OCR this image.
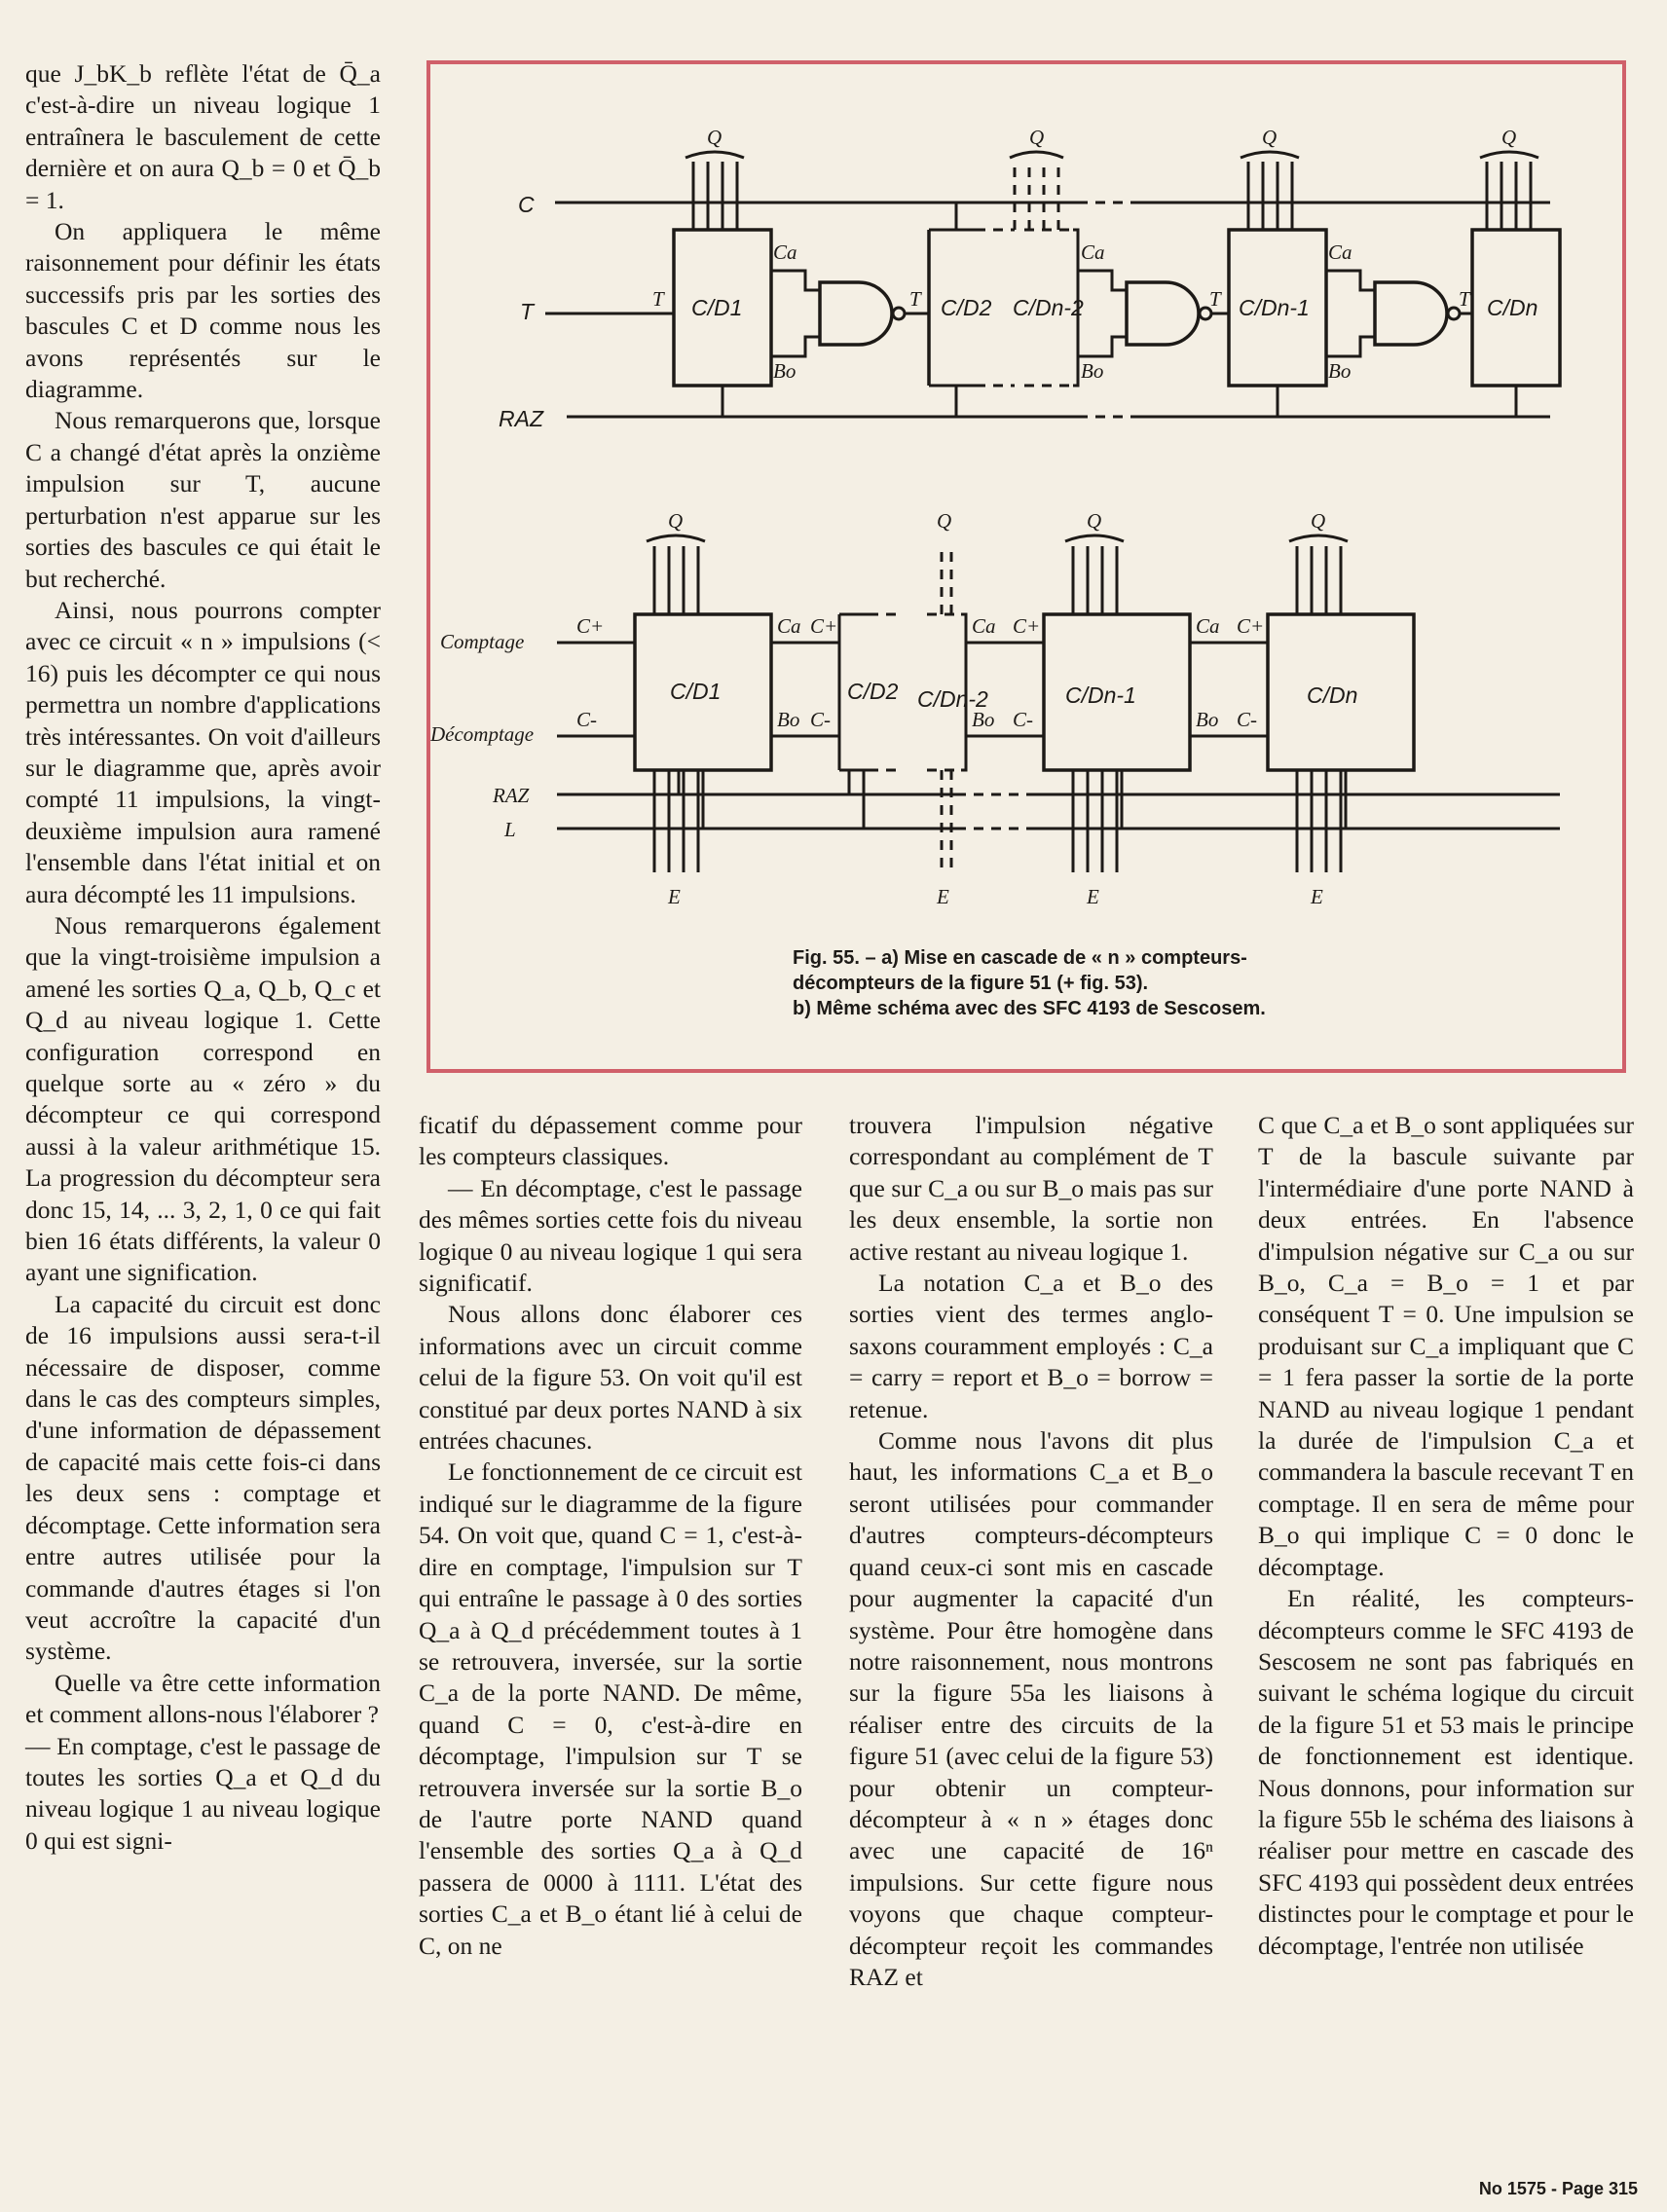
que J_bK_b reflète l'état de Q̄_a c'est-à-dire un niveau logique 1 entraînera le basculement de cette dernière et on aura Q_b = 0 et Q̄_b = 1.

On appliquera le même raisonnement pour définir les états successifs pris par les sorties des bascules C et D comme nous les avons représentés sur le diagramme.

Nous remarquerons que, lorsque C a changé d'état après la onzième impulsion sur T, aucune perturbation n'est apparue sur les sorties des bascules ce qui était le but recherché.

Ainsi, nous pourrons compter avec ce circuit « n » impulsions (< 16) puis les décompter ce qui nous permettra un nombre d'applications très intéressantes. On voit d'ailleurs sur le diagramme que, après avoir compté 11 impulsions, la vingt-deuxième impulsion aura ramené l'ensemble dans l'état initial et on aura décompté les 11 impulsions.

Nous remarquerons également que la vingt-troisième impulsion a amené les sorties Q_a, Q_b, Q_c et Q_d au niveau logique 1. Cette configuration correspond en quelque sorte au « zéro » du décompteur ce qui correspond aussi à la valeur arithmétique 15. La progression du décompteur sera donc 15, 14, ... 3, 2, 1, 0 ce qui fait bien 16 états différents, la valeur 0 ayant une signification.

La capacité du circuit est donc de 16 impulsions aussi sera-t-il nécessaire de disposer, comme dans le cas des compteurs simples, d'une information de dépassement de capacité mais cette fois-ci dans les deux sens : comptage et décomptage. Cette information sera entre autres utilisée pour la commande d'autres étages si l'on veut accroître la capacité d'un système.

Quelle va être cette information et comment allons-nous l'élaborer ?

— En comptage, c'est le passage de toutes les sorties Q_a et Q_d du niveau logique 1 au niveau logique 0 qui est signi-

C
T
RAZ
T C/D1
Q
Ca
Bo
T C/D2
Q
C/Dn-2
Ca
Bo
T C/Dn-1
Q
Ca
Bo
T C/Dn
Q
Comptage
Décomptage
RAZ
L
C+
C-
C/D1
Q
E
Ca C+
Bo C-
C/D2 C/Dn-2
Q
E
Ca C+
Bo C-
C/Dn-1
Q
E
Ca C+
Bo C-
C/Dn
Q
E
Fig. 55. – a) Mise en cascade de « n » compteurs-décompteurs de la figure 51 (+ fig. 53).
b) Même schéma avec des SFC 4193 de Sescosem.

ficatif du dépassement comme pour les compteurs classiques.

— En décomptage, c'est le passage des mêmes sorties cette fois du niveau logique 0 au niveau logique 1 qui sera significatif.

Nous allons donc élaborer ces informations avec un circuit comme celui de la figure 53. On voit qu'il est constitué par deux portes NAND à six entrées chacunes.

Le fonctionnement de ce circuit est indiqué sur le diagramme de la figure 54. On voit que, quand C = 1, c'est-à-dire en comptage, l'impulsion sur T qui entraîne le passage à 0 des sorties Q_a à Q_d précédemment toutes à 1 se retrouvera, inversée, sur la sortie C_a de la porte NAND. De même, quand C = 0, c'est-à-dire en décomptage, l'impulsion sur T se retrouvera inversée sur la sortie B_o de l'autre porte NAND quand l'ensemble des sorties Q_a à Q_d passera de 0000 à 1111. L'état des sorties C_a et B_o étant lié à celui de C, on ne

trouvera l'impulsion négative correspondant au complément de T que sur C_a ou sur B_o mais pas sur les deux ensemble, la sortie non active restant au niveau logique 1.

La notation C_a et B_o des sorties vient des termes anglo-saxons couramment employés : C_a = carry = report et B_o = borrow = retenue.

Comme nous l'avons dit plus haut, les informations C_a et B_o seront utilisées pour commander d'autres compteurs-décompteurs quand ceux-ci sont mis en cascade pour augmenter la capacité d'un système. Pour être homogène dans notre raisonnement, nous montrons sur la figure 55a les liaisons à réaliser entre des circuits de la figure 51 (avec celui de la figure 53) pour obtenir un compteur-décompteur à « n » étages donc avec une capacité de 16ⁿ impulsions. Sur cette figure nous voyons que chaque compteur-décompteur reçoit les commandes RAZ et

C que C_a et B_o sont appliquées sur T de la bascule suivante par l'intermédiaire d'une porte NAND à deux entrées. En l'absence d'impulsion négative sur C_a ou sur B_o, C_a = B_o = 1 et par conséquent T = 0. Une impulsion se produisant sur C_a impliquant que C = 1 fera passer la sortie de la porte NAND au niveau logique 1 pendant la durée de l'impulsion C_a et commandera la bascule recevant T en comptage. Il en sera de même pour B_o qui implique C = 0 donc le décomptage.

En réalité, les compteurs-décompteurs comme le SFC 4193 de Sescosem ne sont pas fabriqués en suivant le schéma logique du circuit de la figure 51 et 53 mais le principe de fonctionnement est identique. Nous donnons, pour information sur la figure 55b le schéma des liaisons à réaliser pour mettre en cascade des SFC 4193 qui possèdent deux entrées distinctes pour le comptage et pour le décomptage, l'entrée non utilisée

No 1575 - Page 315
